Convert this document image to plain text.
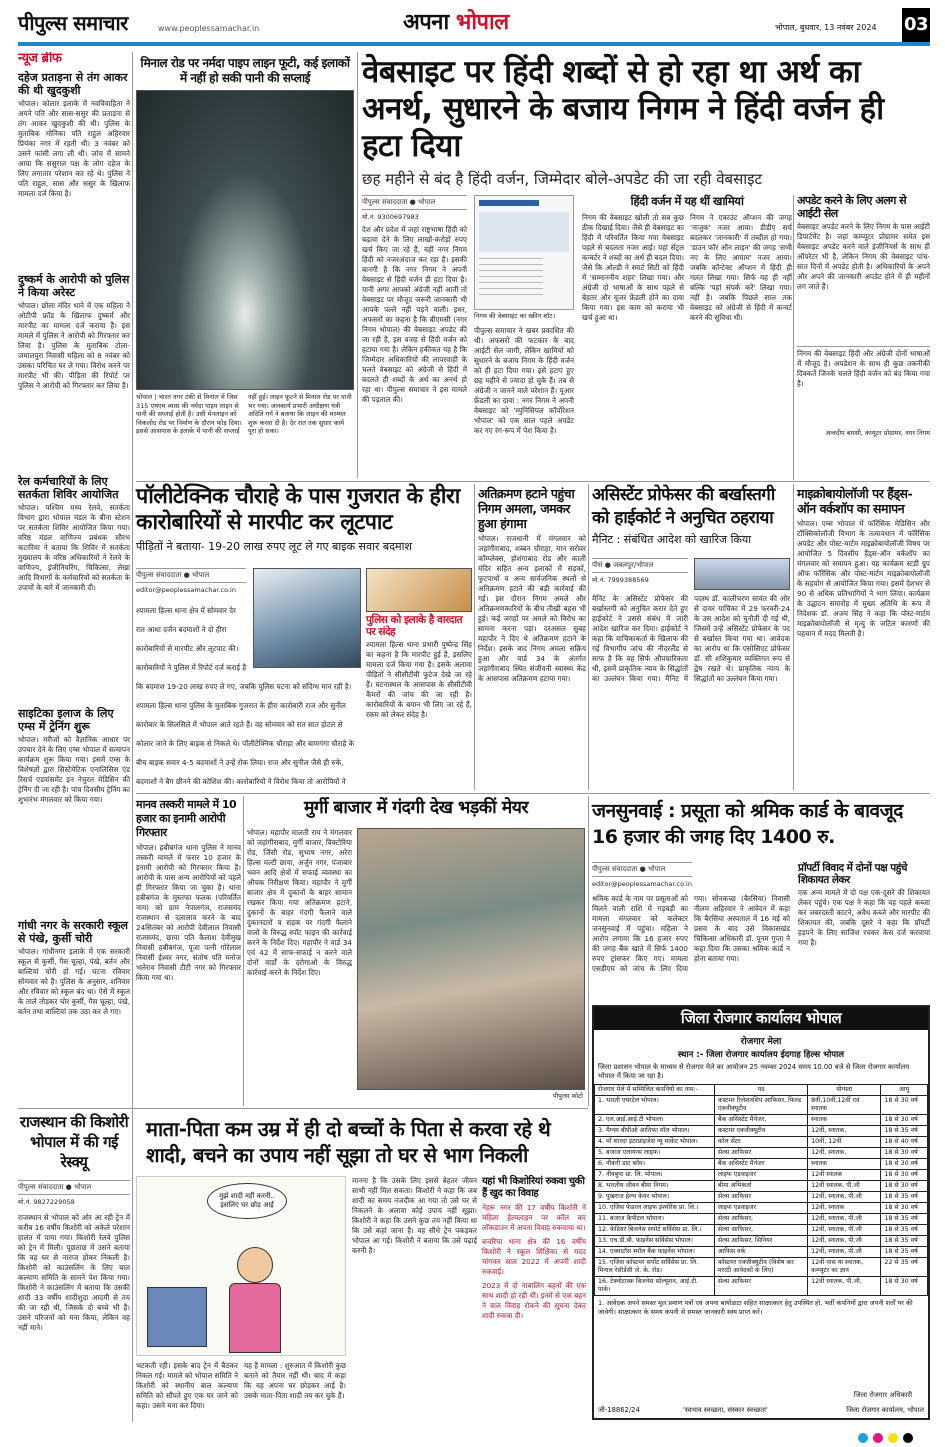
पीपुल्स समाचार	www.peoplessamachar.in	अपना भोपाल	भोपाल, बुधवार, 13 नवंबर 2024 03
न्यूज ब्रीफ
दहेज प्रताड़ना से तंग आकर की थी खुदकुशी
भोपाल। कोलार इलाके में नवविवाहिता ने अपने पति और सास-ससुर की प्रताड़ना से तंग आकर खुदकुशी की थी। पुलिस के मुताबिक मोनिका पति राहुल अहिरवार प्रियंका नगर में रहती थी। 3 नवंबर को उसने फांसी लगा ली थी। जांच में सामने आया कि ससुराल पक्ष के लोग दहेज के लिए लगातार परेशान कर रहे थे। पुलिस ने पति राहुल, सास और ससुर के खिलाफ मामला दर्ज किया है।
दुष्कर्म के आरोपी को पुलिस ने किया अरेस्ट
भोपाल। छोला मंदिर थाने में एक महिला ने ओटीपी फ्रॉड के खिलाफ दुष्कर्म और मारपीट का मामला दर्ज कराया है। इस मामले में पुलिस ने आरोपी को गिरफ्तार कर लिया है। पुलिस के मुताबिक टोला-जमालपुरा निवासी महिला को 8 नवंबर को उसका परिचित घर ले गया। विरोध करने पर मारपीट भी की। पीड़िता की रिपोर्ट पर पुलिस ने आरोपी को गिरफ्तार कर लिया है।
रेल कर्मचारियों के लिए सतर्कता शिविर आयोजित
भोपाल। पश्चिम मध्य रेलवे, सतर्कता विभाग द्वारा भोपाल मंडल के बीना स्टेशन पर सतर्कता शिविर आयोजित किया गया। वरिष्ठ मंडल वाणिज्य प्रबंधक सौरभ कटारिया ने बताया कि शिविर में सतर्कता मुख्यालय के वरिष्ठ अधिकारियों ने रेलवे के वाणिज्य, इंजीनियरिंग, चिकित्सा, लेखा आदि विभागों के कर्मचारियों को सतर्कता के उपायों के बारे में जानकारी दी।
साइटिका इलाज के लिए एम्स में ट्रेनिंग शुरू
भोपाल। मरीजों को वैज्ञानिक आधार पर उपचार देने के लिए एम्स भोपाल में सत्यापन कार्यक्रम शुरू किया गया। इसमें एम्स के विशेषज्ञों द्वारा सिस्टेमेटिक एनालिसिस एंड रिसर्च एडवांसमेंट इन नेचुरल मेडिसिन की ट्रेनिंग दी जा रही है। पांच दिवसीय ट्रेनिंग का शुभारंभ मंगलवार को किया गया।
गांधी नगर के सरकारी स्कूल से पंखे, कुर्सी चोरी
भोपाल। गांधीनगर इलाके में एक सरकारी स्कूल से कुर्सी, गैस चूल्हा, पंखे, बर्तन और बाल्टियां चोरी हो गई। घटना रविवार सोमवार को है। पुलिस के अनुसार, शनिवार और रविवार को स्कूल बंद था। ऐसे में स्कूल के ताले तोड़कर चोर कुर्सी, गैस चूल्हा, पंखे, बर्तन तथा बाल्टियां तक उठा कर ले गए।
मिनाल रोड पर नर्मदा पाइप लाइन फूटी, कई इलाकों में नहीं हो सकी पानी की सप्लाई
भोपाल | भारत नगर टंकी से मिनाल में जिस 315 एमएम व्यास की नर्मदा पाइप लाइन से पानी की सप्लाई होती है। उसी मेनलाइन को चिकलोद रोड पर निर्माण के दौरान फोड़ दिया। इससे आसपास के इलाके में पानी की सप्लाई नहीं हुई। लाइन फूटने से मिनाल रोड पर पानी भर गया। जलकार्य प्रभारी अधीक्षण यंत्री अदिति गर्ग ने बताया कि लाइन की मरम्मत शुरू करवा दी है। देर रात तक सुधार कार्य पूरा हो सका।
वेबसाइट पर हिंदी शब्दों से हो रहा था अर्थ का अनर्थ, सुधारने के बजाय निगम ने हिंदी वर्जन ही हटा दिया
छह महीने से बंद है हिंदी वर्जन, जिम्मेदार बोले-अपडेट की जा रही वेबसाइट
पीपुल्स संवाददाता ● भोपाल
मो.नं. 9300697983
देश और प्रदेश में जहां राष्ट्रभाषा हिंदी को बढ़ावा देने के लिए लाखों-करोड़ों रुपए खर्च किए जा रहे हैं, वहीं नगर निगम हिंदी को नजरअंदाज कर रहा है। इसकी बानगी है कि नगर निगम ने अपनी वेबसाइट से हिंदी वर्जन ही हटा दिया है। यानी अगर आपको अंग्रेजी नहीं आती तो वेबसाइट पर मौजूद जरूरी जानकारी भी आपके पल्ले नहीं पड़ने वाली। इधर, अफसरों का कहना है कि बीएमसी (नगर निगम भोपाल) की वेबसाइट अपडेट की जा रही है, इस वजह से हिंदी वर्जन को हटाया गया है। लेकिन हकीकत यह है कि जिम्मेदार अधिकारियों की लापरवाही के चलते वेबसाइट को अंग्रेजी से हिंदी में बदलते ही शब्दों के अर्थ का अनर्थ हो रहा था। पीपुल्स समाचार ने इस मामले की पड़ताल की।
निगम की वेबसाइट का स्क्रीन शॉट।
पीपुल्स समाचार ने खबर प्रकाशित की थी। अफसरों की फटकार के बाद आईटी सेल जागी, लेकिन खामियों को सुधारने के बजाय निगम के हिंदी वर्जन को ही हटा दिया गया। इसे हटाए हुए छह महीने से ज्यादा हो चुके हैं। तब से अंग्रेजी न जानने वाले परेशान हैं। यूआर फ्रेंडली का दावा : नगर निगम ने अपनी वेबसाइट को 'म्युनिसिपल कॉर्पोरेशन भोपाल' को एक साल पहले अपडेट कर नए रंग-रूप में पेश किया है।
हिंदी वर्जन में यह थीं खामियां
निगम की वेबसाइट खोली तो सब कुछ ठीक दिखाई दिया। जैसे ही वेबसाइट का हिंदी में परिवर्तित किया गया वेबसाइट पहले से बदलता नजर आई। यहां सेंट्रल कन्वर्टर ने शब्दों का अर्थ ही बदल दिया। जैसे कि ओल्डी ने स्मार्ट सिटी को हिंदी में 'सम्माननीय शहर' लिखा गया। और अंग्रेजी दो भाषाओं के साथ पहले से बेहतर और यूजर फ्रेंडली होने का दावा किया गया। इस काम को कराया भी खर्च हुआ था।
निगम ने एकाउंट ऑप्शन की जगह 'नाजुक' नजर आया। डीडीए सर्च बदलकर 'जानकारी' में तब्दील हो गया। 'डाउन फॉर ऑन लाइन' की जगह 'सभी नए के लिए आयाम' नजर आया। जबकि कॉन्टेक्ट ऑप्शन में हिंदी ही गलत लिखा गया। सिर्फ यह ही नहीं बल्कि 'यहां संपर्क करें' लिखा गया। नहीं है। जबकि पिछले साल तक वेबसाइट को अंग्रेजी से हिंदी में कन्वर्ट करने की सुविधा थी।
अपडेट करने के लिए अलग से आईटी सेल
वेबसाइट अपडेट करने के लिए निगम के पास आईटी डिपार्टमेंट है। जहां कम्प्यूटर प्रोग्रामर समेत इस वेबसाइट अपडेट करने वाले इंजीनियर्स के साथ ही ऑपरेटर भी है, लेकिन निगम की वेबसाइट पांच-सात दिनों में अपडेट होती है। अधिकारियों के अपने और अपने की जानकारी अपडेट होने में ही महीनों लग जाते हैं।
निगम की वेबसाइट हिंदी और अंग्रेजी दोनों भाषाओं में मौजूद है। अपडेशन के साथ ही कुछ तकनीकी दिक्कतें जिनके चलते हिंदी वर्जन को बंद किया गया है।
अन्वदीप बारसी, कंप्यूटर प्रोग्रामर, नगर निगम
पॉलीटेक्निक चौराहे के पास गुजरात के हीरा कारोबारियों से मारपीट कर लूटपाट
पीड़ितों ने बताया- 19-20 लाख रुपए लूट ले गए बाइक सवार बदमाश
पीपुल्स संवाददाता ● भोपाल
editor@peoplessamachar.co.in
श्यामला हिल्स थाना क्षेत्र में सोमवार देर रात आधा दर्जन बदमाशों ने दो हीरा कारोबारियों से मारपीट और लूटपाट की। कारोबारियों ने पुलिस में रिपोर्ट दर्ज कराई है कि बदमाश 19-20 लाख रुपए ले गए, जबकि पुलिस घटना को संदिग्ध मान रही है। श्यामला हिल्स थाना पुलिस के मुताबिक गुजरात के हीरा कारोबारी राज और सुनील कारोबार के सिलसिले में भोपाल आते रहते हैं। वह सोमवार को रात सात होटल से कोलार जाने के लिए बाइक से निकले थे। पॉलीटेक्निक चौराहा और बाणगंगा चौराहे के बीच बाइक सवार 4-5 बदमाशों ने उन्हें रोक लिया। राज और सुनील जैसे ही रुके, बदमाशों ने बैग छीनने की कोशिश की। कारोबारियों ने विरोध किया तो आरोपियों ने
पुलिस को इलाके है वारदात पर संदेह
श्यामला हिल्स थाना प्रभारी पुष्पेन्द्र सिंह का कहना है कि मारपीट हुई है, इसलिए मामला दर्ज किया गया है। इसके अलावा पीड़ितों ने सीसीटीवी फुटेज देखे जा रहे हैं। घटनास्थल के आसपास के सीसीटीवी कैमरों की जांच की जा रही है। कारोबारियों के बयान भी लिए जा रहे हैं, रकम को लेकर संदेह है।
अतिक्रमण हटाने पहुंचा निगम अमला, जमकर हुआ हंगामा
भोपाल। राजधानी में मंगलवार को जहांगीराबाद, शब्बन चौराहा, मान सरोवर कॉम्प्लेक्स, होशंगाबाद रोड और काली मंदिर सहित अन्य इलाकों में सड़कों, फुटपाथों व अन्य सार्वजनिक स्थलों से अतिक्रमण हटाने की बड़ी कार्रवाई की गई। इस दौरान निगम अमले और अतिक्रमणकारियों के बीच तीखी बहस भी हुई। कई जगहों पर अमले को विरोध का सामना करना पड़ा। दरअसल सुबह महापौर ने दिए थे अतिक्रमण हटाने के निर्देश। इसके बाद निगम अमला सक्रिय हुआ और वार्ड 34 के अंतर्गत जहांगीराबाद स्थित संजीवनी स्वास्थ्य केंद्र के आसपास अतिक्रमण हटाया गया।
असिस्टेंट प्रोफेसर की बर्खास्तगी को हाईकोर्ट ने अनुचित ठहराया
मैनिट : संबंधित आदेश को खारिज किया
पीसं ● जबलपुर/भोपाल
मो.नं. 7999388569
मैनिट के असिस्टेंट प्रोफेसर की बर्खास्तगी को अनुचित करार देते हुए हाईकोर्ट ने उससे संबंध में जारी आदेश खारिज कर दिया। हाईकोर्ट ने कहा कि याचिकाकर्ता के खिलाफ की गई विभागीय जांच की नीदरलैंड से साफ है कि वह सिर्फ औपचारिकता थी, इसमें प्राकृतिक न्याय के सिद्धांतों का उल्लंघन किया गया। मैनिट में पदस्थ डॉ. कालीचरण सावंत की ओर से दायर याचिका में 29 फरवरी-24 के उस आदेश को चुनौती दी गई थी, जिसमें उन्हें असिस्टेंट प्रोफेसर के पद से बर्खास्त किया गया था। आवेदक का आरोप था कि एसोसिएट प्रोफेसर डॉ. सी शशिकुमार व्यक्तिगत रूप से द्वेष रखते थे। प्राकृतिक न्याय के सिद्धांतों का उल्लंघन किया गया।
माइक्रोबायोलॉजी पर हैंड्स-ऑन वर्कशॉप का समापन
भोपाल। एम्स भोपाल में फॉरेंसिक मेडिसिन और टॉक्सिकोलॉजी विभाग के तत्वावधान में फॉरेंसिक अपडेट और पोस्ट-मार्टम माइक्रोबायोलॉजी विषय पर आयोजित 5 दिवसीय हैंड्स-ऑन वर्कशॉप का मंगलवार को समापन हुआ। यह कार्यक्रम स्टडी ग्रुप ऑफ फॉरेंसिक और पोस्ट-मार्टम माइक्रोबायोलॉजी के सहयोग से आयोजित किया गया। इसमें देशभर से 90 से अधिक प्रतिभागियों ने भाग लिया। कार्यक्रम के उद्घाटन समारोह में मुख्य अतिथि के रूप में निदेशक डॉ. अजय सिंह ने कहा कि पोस्ट-मार्टम माइक्रोबायोलॉजी से मृत्यु के जटिल कारणों की पहचान में मदद मिलती है।
मानव तस्करी मामले में 10 हजार का इनामी आरोपी गिरफ्तार
भोपाल। हबीबगंज थाना पुलिस ने मानव तस्करी मामले में फरार 10 हजार के इनामी आरोपी को गिरफ्तार किया है। आरोपी के पास अन्य आरोपियों को पहले ही गिरफ्तार किया जा चुका है। थाना हबीबगंज के मुस्तफा फलक (परिवर्तित नाम) को ग्राम नेपालगंज, राजसमंद राजस्थान से दलालाव करने के बाद 24सितंबर को आरोपी देवीलाल निवासी राजसमंद, छाया पति कैलाश देवीमुख निवासी हबीबगंज, पूजा पत्नी गोरेलाल निवासी ईश्वर नगर, संतोष पति मनोज भलेराव निवासी टीटी नगर को गिरफ्तार किया गया था।
मुर्गी बाजार में गंदगी देख भड़कीं मेयर
भोपाल। महापौर मालती राय ने मंगलवार को जहांगीराबाद, मुर्गी बाजार, विक्टोरिया रोड, जिंसी रोड, सुभाष नगर, अरेरा हिल्स मल्टी छाया, अर्जुन नगर, पंजाबार भवन आदि क्षेत्रों में सफाई व्यवस्था का औचक निरीक्षण किया। महापौर ने मुर्गी बाजार क्षेत्र में दुकानों के बाहर सामान रखकर किया गया अतिक्रमण हटाने, दुकानों के बाहर गंदगी फैलाने वाले दुकानदारों व सड़क पर गंदगी फैलाने वालों के विरुद्ध स्पॉट फाइन की कार्रवाई करने के निर्देश दिए। महापौर ने वार्ड 34 एवं 42 में साफ-सफाई न करने वाले दोनों वार्डों के दरोगाओं के विरुद्ध कार्रवाई करने के निर्देश दिए।
पीपुल्स फोटो
जनसुनवाई : प्रसूता को श्रमिक कार्ड के बावजूद 16 हजार की जगह दिए 1400 रु.
पीपुल्स संवाददाता ● भोपाल
editor@peoplessamachar.co.in
श्रमिक कार्ड के नाम पर प्रसूताओं को मिलने वाली राशि में गड़बड़ी का मामला मंगलवार को कलेक्टर जनसुनवाई में पहुंचा। महिला ने आरोप लगाया कि 16 हजार रुपए की जगह बैंक खाते में सिर्फ 1400 रुपए ट्रांसफर किए गए। मामला एसडीएम को जांच के लिए दिया गया। सोनकच्छ (बैरसिया) निवासी नीलम अहिरवार ने आवेदन में कहा कि बैरसिया अस्पताल में 16 मई को प्रसव के बाद उसे विकासखंड चिकित्सा अधिकारी डॉ. पूनम गुप्ता ने कहा दिया कि उसका श्रमिक कार्ड न होना बताया गया।
प्रॉपर्टी विवाद में दोनों पक्ष पहुंचे शिकायत लेकर
एक अन्य मामले में दो पक्ष एक-दूसरे की शिकायत लेकर पहुंचे। एक पक्ष ने कहा कि वह पहले कब्जा कर जबरदस्ती काटने, अवैध कब्जे और मारपीट की शिकायत की, जबकि दूसरे ने कहा कि प्रॉपर्टी हड़पने के लिए साजिश रचकर केस दर्ज करवाया गया है।
जिला रोजगार कार्यालय भोपाल
रोजगार मेला
स्थान :- जिला रोजगार कार्यालय ईदगाह हिल्स भोपाल
जिला प्रशासन भोपाल के माध्यम से रोजगार मेले का आयोजन 25 नवम्बर 2024 समय 10.00 बजे से जिला रोजगार कार्यालय भोपाल में किया जा रहा है।
रोजगार मेले में सम्मिलित कंपनियों का नाम:-	पद	योग्यता	आयु
1. भारती एयरटेल भोपाल।	कस्टमर रिलेशनशिप आफिसर, फिल्ड एक्जीक्यूटीव	8वीं,10वीं,12वीं एवं स्नातक	18 से 30 वर्ष
2. एल.आई.आई.टी भोपाल।	बैंक असिस्टेंट मैनेजर,	स्नातक	18 से 30 वर्ष
3. मैग्नम बीपीओ आतिफा मॉल भोपाल।	कस्टमर एक्जीक्यूटीव	12वीं, स्नातक,	18 से 35 वर्ष
4. माँ शारदा इंटरप्राइजेस न्यू मार्केट भोपाल।	कॉल सेंटर	10वीं, 12वीं	18 से 40 वर्ष
5. बजाज एलायन्स लाइफ।	सेल्स आफिसर	12वीं, स्नातक,	18 से 30 वर्ष
6. नौकरी डाट कॉम।	बैंक असिस्टेंट मैनेजर	स्नातक	18 से 30 वर्ष
7. नीवबुपा प्रा. लि. भोपाल।	लाइफ एडवाइजर	12वीं स्नातक	18 से 30 वर्ष
8. भारतीय जीवन बीमा निगम।	बीमा अभिकर्ता	12वीं स्नातक, पी.जी	18 से 30 वर्ष
9. पुखराज हेल्थ केयर भोपाल।	सेल्स आफिसर	12वीं, स्नातक, पी.जी	18 से 35 वर्ष
10. एजिस फेडरल लाइफ इंश्योरेंस प्रा. लि.।	लाइफ एडवाइजर	12वीं, स्नातक	18 से 30 वर्ष
11. बजाज कैपीटल भोपाल।	सेल्स आफिसर,	12वीं, स्नातक, पी.जी	18 से 35 वर्ष
12. केडियर बिजनेस सपोर्ट सर्विसेस प्रा. लि.।	सेल्स आफिसर,	12वीं, स्नातक, पी.जी	18 से 35 वर्ष
13. एच.डी.बी. फाइनेंस सर्विसेस भोपाल।	सेल्स आफिसर, सिनियर	12वीं, स्नातक, पी.जी	18 से 35 वर्ष
14. एक्वाटॉस स्मॉल बैंक फाइनेंस भोपाल।	आफिस वर्क	12वीं, स्नातक, पी.जी	18 से 35 वर्ष
15. एजिस कॉस्टमर सर्पोट सर्विसेस प्रा. लि. मिनाल रेसीडेंसी जे. के. रोड।	कॉस्टमर एक्जीक्यूटीव (विशेष कर मराठी आवेदकों के लिए)	12वीं पास या स्नातक, कम्प्यूटर का ज्ञान	22 से 35 वर्ष
16. टेक्नोटास्क बिजनेस सोल्यूशन, आई.टी. पार्क।	सेल्स आफिसर	12वीं स्नातक, पी.जी.	18 से 30 वर्ष
1. आवेदक अपने समस्त मूल प्रमाण पत्रों एवं अपना बायोडाटा सहित साक्षात्कार हेतु उपस्थित हो, भर्ती कंपनियों द्वारा अपनी शर्तों पर की जावेगी। साक्षात्कार के समय कंपनी से समस्त जानकारी स्वंय प्राप्त करें।
जी-18862/24	'स्वभाव स्वच्छता, संस्कार स्वच्छता'
जिला रोजगार अधिकारी
जिला रोजगार कार्यालय, भोपाल
राजस्थान की किशोरी भोपाल में की गई रेस्क्यू
पीपुल्स संवाददाता ● भोपाल
मो.नं. 9827229058
राजस्थान से भोपाल को ओर आ रही ट्रेन में करीब 16 वर्षीय किशोरी को अकेले परेशान हालत में पाया गया। किशोरी रेलवे पुलिस को ट्रेन में मिली। पूछताछ में उसने बताया कि वह घर से नाराज होकर निकली है। किशोरी को काउंसलिंग के लिए बाल कल्याण समिति के सामने पेश किया गया। किशोरी ने काउंसलिंग में बताया कि उसकी शादी 33 वर्षीय शादीशुदा आदमी से तय की जा रही थी, जिसके दो बच्चे भी हैं। उसने परिजनों को मना किया, लेकिन वह नहीं माने।
माता-पिता कम उम्र में ही दो बच्चों के पिता से करवा रहे थे शादी, बचने का उपाय नहीं सूझा तो घर से भाग निकली
मुझे शादी नहीं करनी.. इसलिए घर छोड़ आई
भटकती रही। इसके बाद ट्रेन में बैठकर निकल गई। मामले को भोपाल समिति ने किशोरी को स्थानीय बाल कल्याण समिति को सौंपते हुए एक घर जाने को कहा। उसने मना कर दिया।
यह है मामला : शुरुआत में किशोरी कुछ बताने को तैयार नहीं थी। बाद में कहा कि वह अपना घर छोड़कर आई है। उसके माता-पिता शादी तय कर चुके हैं।
मानना है कि उसके लिए इससे बेहतर जीवन साथी नहीं मिल सकता। किशोरी ने कहा कि जब शादी का समय नजदीक आ गया तो उसे घर से निकलने के अलावा कोई उपाय नहीं सूझा। किशोरी ने कहा कि उसने कुछ तय नहीं किया था कि उसे कहां जाना है। वह सीधे ट्रेन पकड़कर भोपाल आ गई। किशोरी ने बताया कि उसे पढ़ाई करनी है।
यहां भी किशोरियां रुकवा चुकी हैं खुद का विवाह
नेहरू नगर की 17 वर्षीय किशोरी ने महिला हेल्पलाइन पर कॉल कर लॉकडाउन में अपना विवाह रुकवाया था।
बजरिया थाना क्षेत्र की 16 वर्षीय किशोरी ने स्कूल शिक्षिका से मदद मांगकर साल 2022 में अपनी शादी रुकवाई।
2023 में दो नाबालिग बहनों की एक साथ शादी हो रही थी। इनमें से एक बहन ने बाल विवाह रोकने की सूचना देकर शादी रुकवा दी।
